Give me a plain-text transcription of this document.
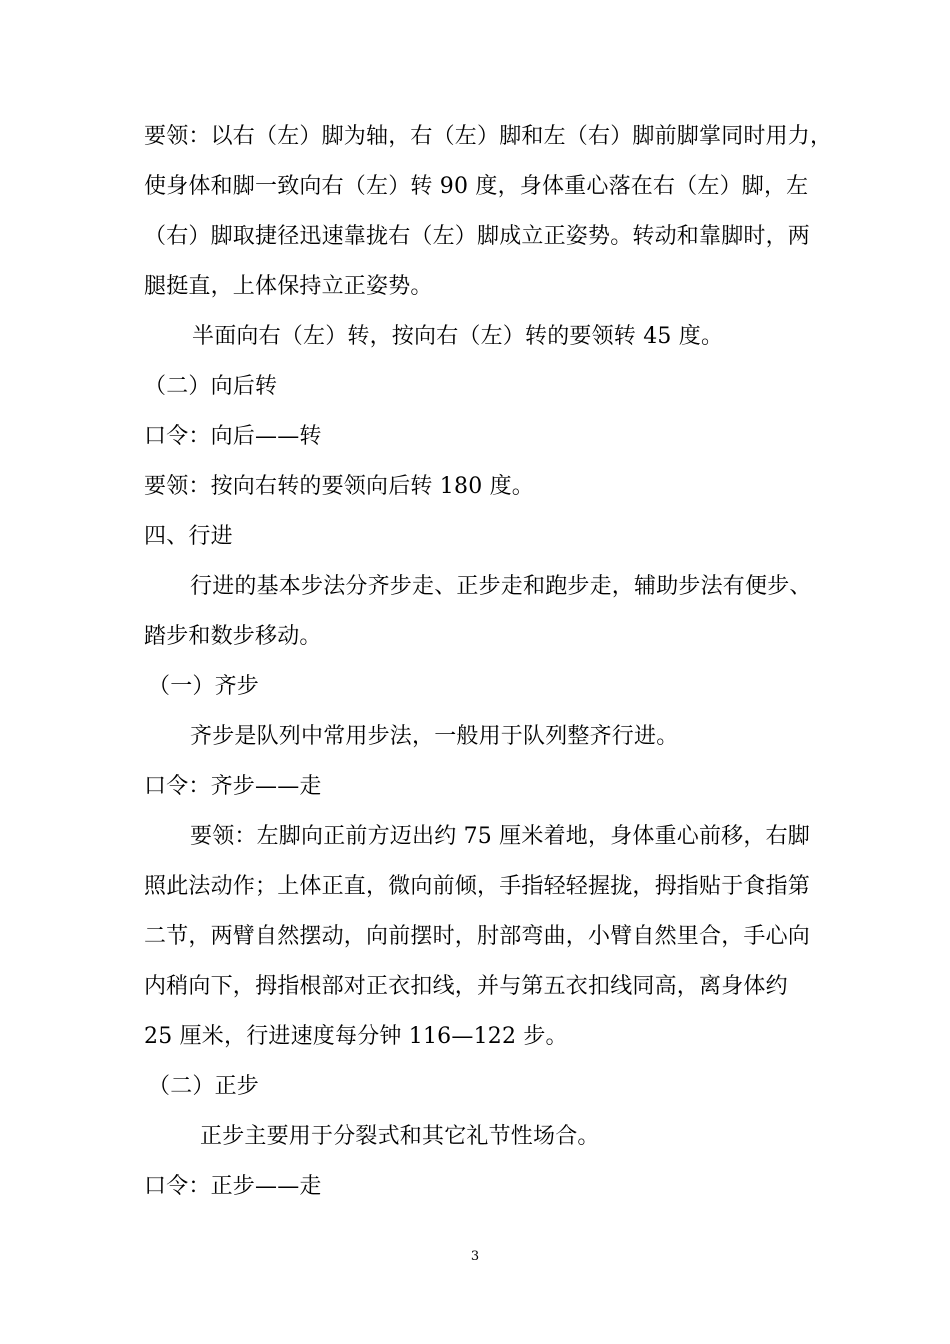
要领：以右（左）脚为轴，右（左）脚和左（右）脚前脚掌同时用力，
使身体和脚一致向右（左）转 90 度，身体重心落在右（左）脚，左
（右）脚取捷径迅速靠拢右（左）脚成立正姿势。转动和靠脚时，两
腿挺直，上体保持立正姿势。
半面向右（左）转，按向右（左）转的要领转 45 度。
（二）向后转
口令：向后——转
要领：按向右转的要领向后转 180 度。
四、行进
行进的基本步法分齐步走、正步走和跑步走，辅助步法有便步、
踏步和数步移动。
（一）齐步
齐步是队列中常用步法，一般用于队列整齐行进。
口令：齐步——走
要领：左脚向正前方迈出约 75 厘米着地，身体重心前移，右脚
照此法动作；上体正直，微向前倾，手指轻轻握拢，拇指贴于食指第
二节，两臂自然摆动，向前摆时，肘部弯曲，小臂自然里合，手心向
内稍向下，拇指根部对正衣扣线，并与第五衣扣线同高，离身体约
25 厘米，行进速度每分钟 116—122 步。
（二）正步
正步主要用于分裂式和其它礼节性场合。
口令：正步——走
3
